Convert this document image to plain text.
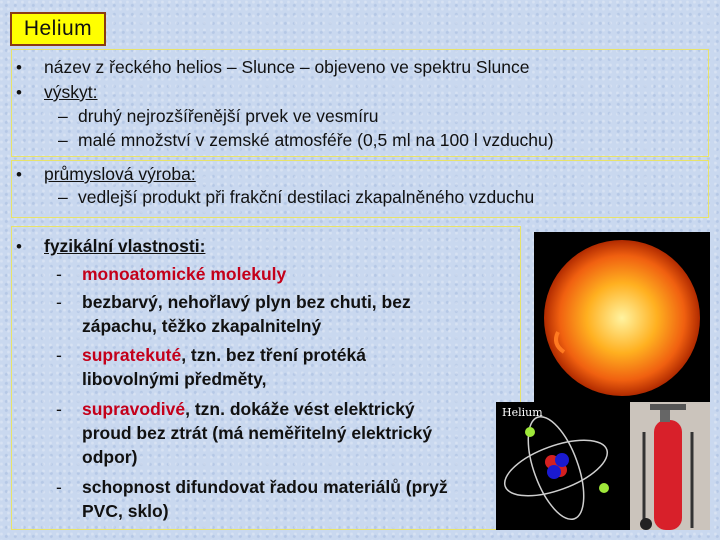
Helium
• název z řeckého helios – Slunce – objeveno ve spektru Slunce
• výskyt:
– druhý nejrozšířenější prvek ve vesmíru
– malé množství v zemské atmosféře (0,5 ml na 100 l vzduchu)
• průmyslová výroba:
– vedlejší produkt při frakční destilaci zkapalněného vzduchu
• fyzikální vlastnosti:
- monoatomické molekuly
- bezbarvý, nehořlavý plyn bez chuti, bez
zápachu, těžko zkapalnitelný
- supratekuté, tzn. bez tření protéká
libovolnými předměty,
- supravodivé, tzn. dokáže vést elektrický
proud bez ztrát (má neměřitelný elektrický
odpor)
-
Helium
schopnost difundovat řadou materiálů (pryž
PVC, sklo)
